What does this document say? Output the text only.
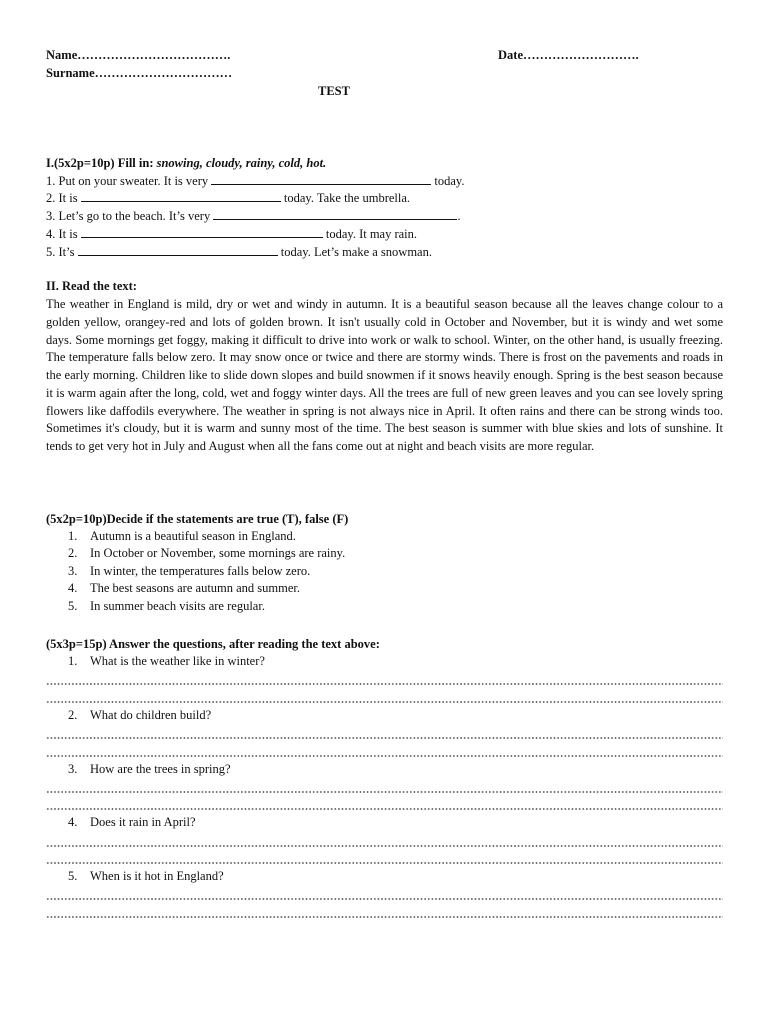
Name……………………………….
Surname……………………………
Date……………………….
TEST
I.(5x2p=10p) Fill in: snowing, cloudy, rainy, cold, hot.
1. Put on your sweater. It is very	today.
2. It is	today. Take the umbrella.
3. Let’s go to the beach. It’s very	.
4. It is	today. It may rain.
5. It’s	today. Let’s make a snowman.
II. Read the text:
The weather in England is mild, dry or wet and windy in autumn. It is a beautiful season because all the leaves change colour to a golden yellow, orangey-red and lots of golden brown. It isn't usually cold in October and November, but it is windy and wet some days. Some mornings get foggy, making it difficult to drive into work or walk to school. Winter, on the other hand, is usually freezing. The temperature falls below zero. It may snow once or twice and there are stormy winds. There is frost on the pavements and roads in the early morning. Children like to slide down slopes and build snowmen if it snows heavily enough. Spring is the best season because it is warm again after the long, cold, wet and foggy winter days. All the trees are full of new green leaves and you can see lovely spring flowers like daffodils everywhere. The weather in spring is not always nice in April. It often rains and there can be strong winds too. Sometimes it's cloudy, but it is warm and sunny most of the time. The best season is summer with blue skies and lots of sunshine. It tends to get very hot in July and August when all the fans come out at night and beach visits are more regular.
(5x2p=10p)Decide if the statements are true (T), false (F)
1. Autumn is a beautiful season in England.
2. In October or November, some mornings are rainy.
3. In winter, the temperatures falls below zero.
4. The best seasons are autumn and summer.
5. In summer beach visits are regular.
(5x3p=15p) Answer the questions, after reading the text above:
1. What is the weather like in winter?
2. What do children build?
3. How are the trees in spring?
4. Does it rain in April?
5. When is it hot in England?
